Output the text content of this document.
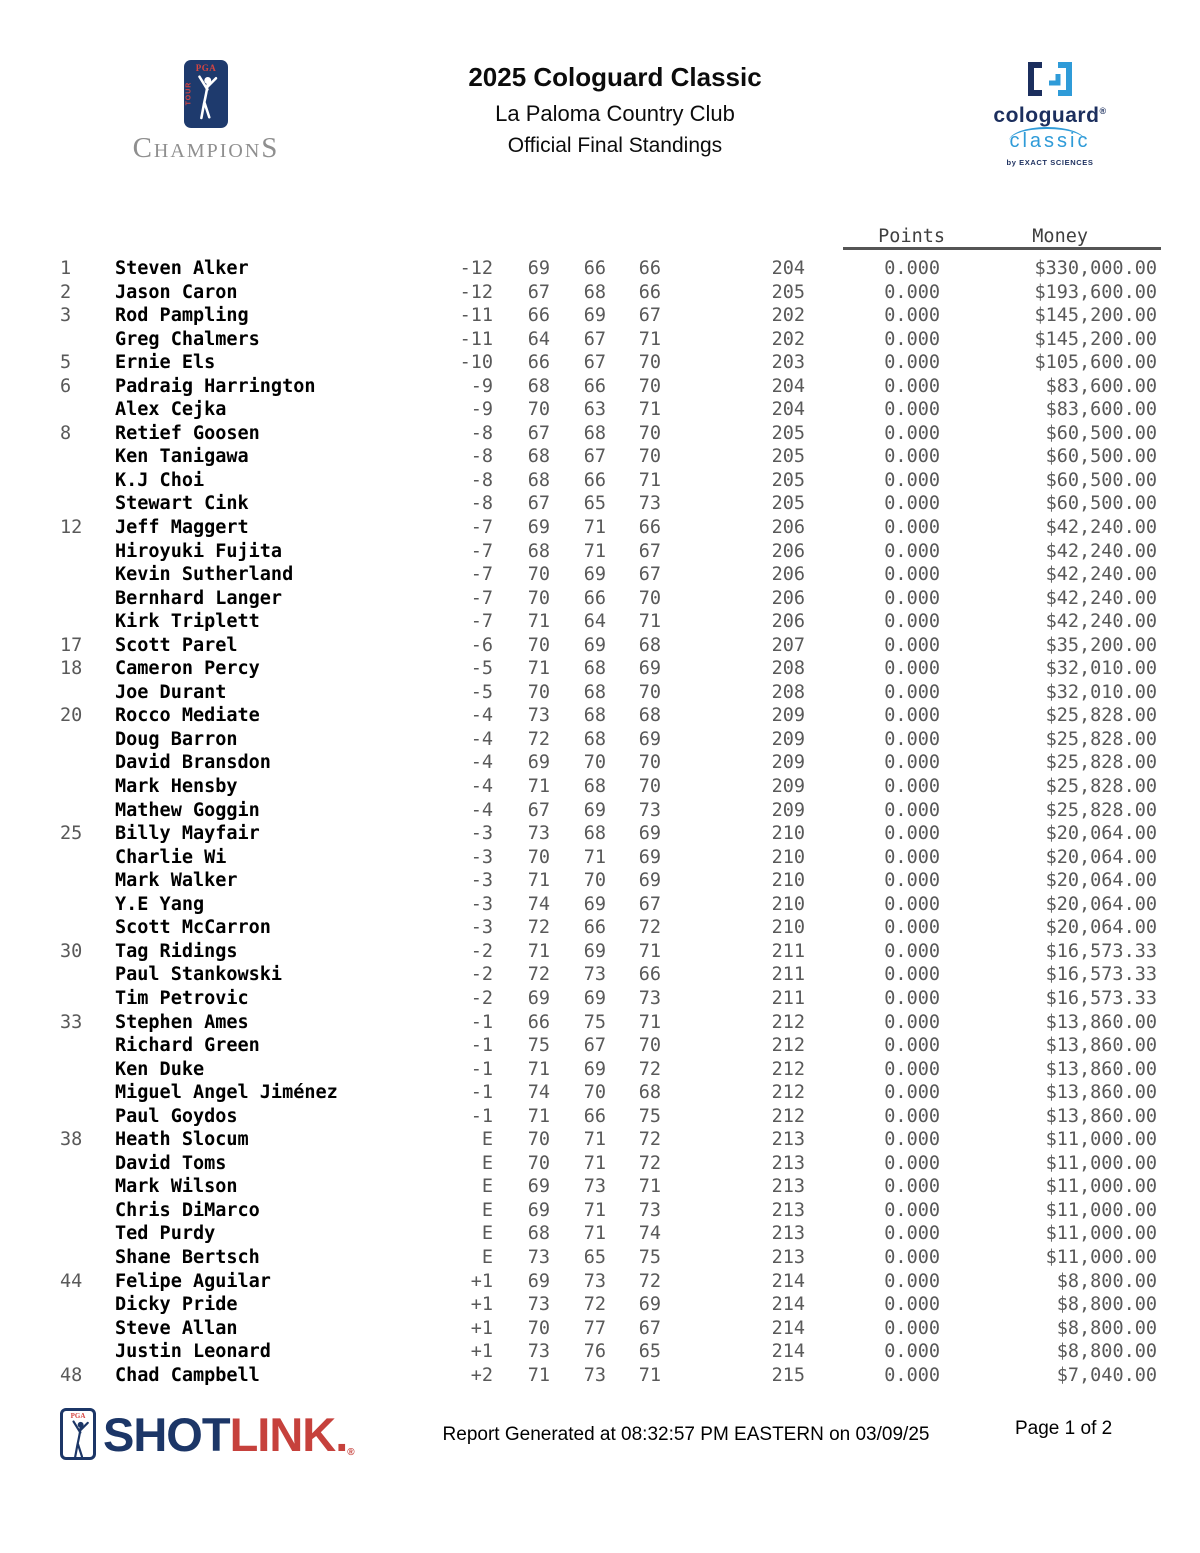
PGA
TOUR
ChampionS
2025 Cologuard Classic
La Paloma Country Club
Official Final Standings
cologuard®
classic
by EXACT SCIENCES
Points	Money
1	Steven Alker	-12	69	66	66	204	0.000	$330,000.00
2	Jason Caron	-12	67	68	66	205	0.000	$193,600.00
3	Rod Pampling	-11	66	69	67	202	0.000	$145,200.00
Greg Chalmers	-11	64	67	71	202	0.000	$145,200.00
5	Ernie Els	-10	66	67	70	203	0.000	$105,600.00
6	Padraig Harrington	-9	68	66	70	204	0.000	$83,600.00
Alex Cejka	-9	70	63	71	204	0.000	$83,600.00
8	Retief Goosen	-8	67	68	70	205	0.000	$60,500.00
Ken Tanigawa	-8	68	67	70	205	0.000	$60,500.00
K.J Choi	-8	68	66	71	205	0.000	$60,500.00
Stewart Cink	-8	67	65	73	205	0.000	$60,500.00
12	Jeff Maggert	-7	69	71	66	206	0.000	$42,240.00
Hiroyuki Fujita	-7	68	71	67	206	0.000	$42,240.00
Kevin Sutherland	-7	70	69	67	206	0.000	$42,240.00
Bernhard Langer	-7	70	66	70	206	0.000	$42,240.00
Kirk Triplett	-7	71	64	71	206	0.000	$42,240.00
17	Scott Parel	-6	70	69	68	207	0.000	$35,200.00
18	Cameron Percy	-5	71	68	69	208	0.000	$32,010.00
Joe Durant	-5	70	68	70	208	0.000	$32,010.00
20	Rocco Mediate	-4	73	68	68	209	0.000	$25,828.00
Doug Barron	-4	72	68	69	209	0.000	$25,828.00
David Bransdon	-4	69	70	70	209	0.000	$25,828.00
Mark Hensby	-4	71	68	70	209	0.000	$25,828.00
Mathew Goggin	-4	67	69	73	209	0.000	$25,828.00
25	Billy Mayfair	-3	73	68	69	210	0.000	$20,064.00
Charlie Wi	-3	70	71	69	210	0.000	$20,064.00
Mark Walker	-3	71	70	69	210	0.000	$20,064.00
Y.E Yang	-3	74	69	67	210	0.000	$20,064.00
Scott McCarron	-3	72	66	72	210	0.000	$20,064.00
30	Tag Ridings	-2	71	69	71	211	0.000	$16,573.33
Paul Stankowski	-2	72	73	66	211	0.000	$16,573.33
Tim Petrovic	-2	69	69	73	211	0.000	$16,573.33
33	Stephen Ames	-1	66	75	71	212	0.000	$13,860.00
Richard Green	-1	75	67	70	212	0.000	$13,860.00
Ken Duke	-1	71	69	72	212	0.000	$13,860.00
Miguel Angel Jiménez	-1	74	70	68	212	0.000	$13,860.00
Paul Goydos	-1	71	66	75	212	0.000	$13,860.00
38	Heath Slocum	E	70	71	72	213	0.000	$11,000.00
David Toms	E	70	71	72	213	0.000	$11,000.00
Mark Wilson	E	69	73	71	213	0.000	$11,000.00
Chris DiMarco	E	69	71	73	213	0.000	$11,000.00
Ted Purdy	E	68	71	74	213	0.000	$11,000.00
Shane Bertsch	E	73	65	75	213	0.000	$11,000.00
44	Felipe Aguilar	+1	69	73	72	214	0.000	$8,800.00
Dicky Pride	+1	73	72	69	214	0.000	$8,800.00
Steve Allan	+1	70	77	67	214	0.000	$8,800.00
Justin Leonard	+1	73	76	65	214	0.000	$8,800.00
48	Chad Campbell	+2	71	73	71	215	0.000	$7,040.00
PGA SHOTLINK.®
Report Generated at 08:32:57 PM EASTERN on 03/09/25	Page 1 of 2
